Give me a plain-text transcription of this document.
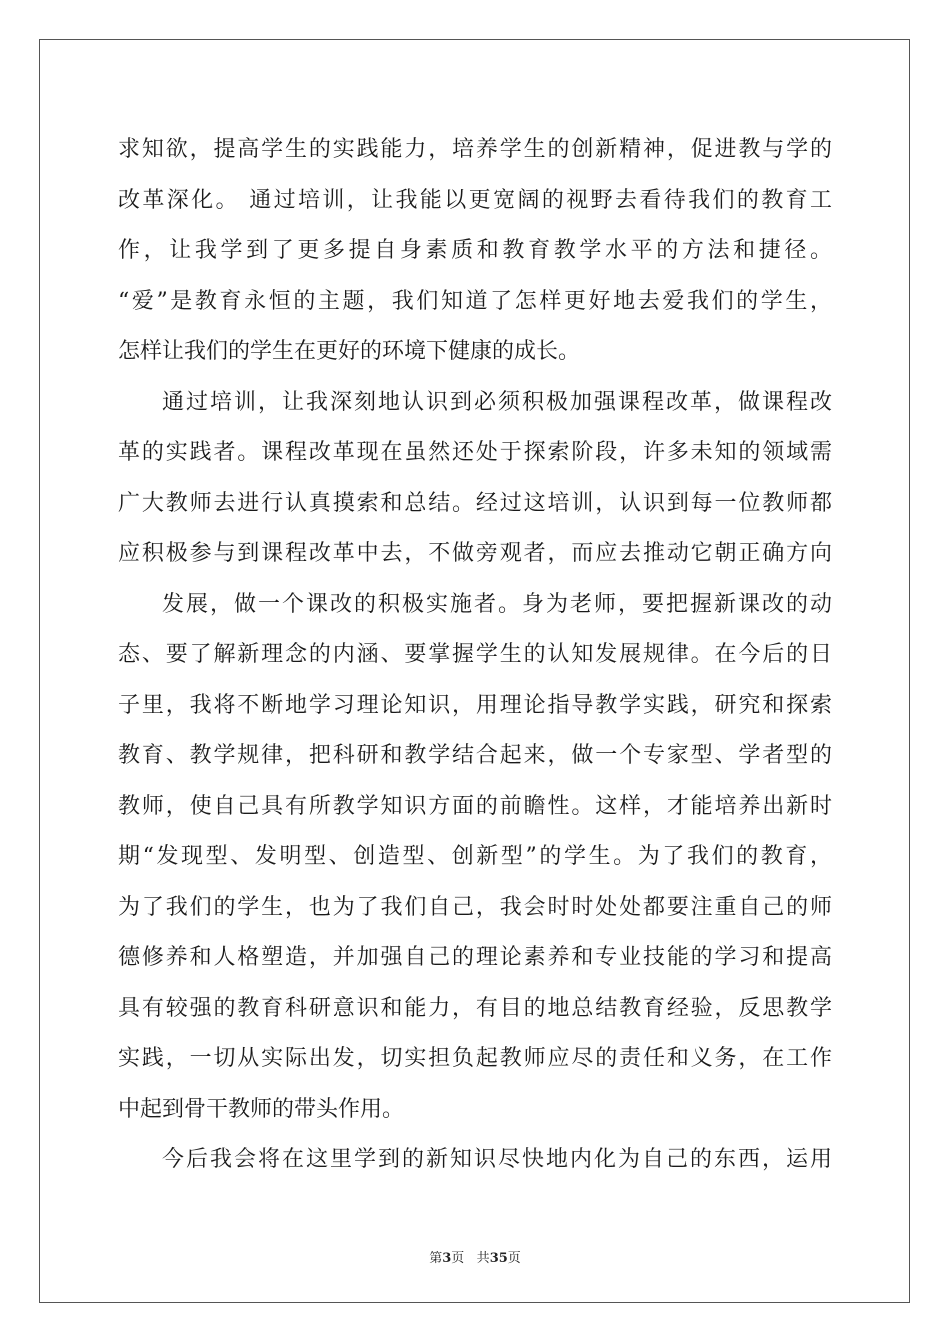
求知欲，提高学生的实践能力，培养学生的创新精神，促进教与学的
改革深化。 通过培训，让我能以更宽阔的视野去看待我们的教育工
作，让我学到了更多提自身素质和教育教学水平的方法和捷径。
“爱”是教育永恒的主题，我们知道了怎样更好地去爱我们的学生，
怎样让我们的学生在更好的环境下健康的成长。
通过培训，让我深刻地认识到必须积极加强课程改革，做课程改
革的实践者。课程改革现在虽然还处于探索阶段，许多未知的领域需
广大教师去进行认真摸索和总结。经过这培训，认识到每一位教师都
应积极参与到课程改革中去，不做旁观者，而应去推动它朝正确方向
发展，做一个课改的积极实施者。身为老师，要把握新课改的动
态、要了解新理念的内涵、要掌握学生的认知发展规律。在今后的日
子里，我将不断地学习理论知识，用理论指导教学实践，研究和探索
教育、教学规律，把科研和教学结合起来，做一个专家型、学者型的
教师，使自己具有所教学知识方面的前瞻性。这样，才能培养出新时
期“发现型、发明型、创造型、创新型”的学生。为了我们的教育，
为了我们的学生，也为了我们自己，我会时时处处都要注重自己的师
德修养和人格塑造，并加强自己的理论素养和专业技能的学习和提高
具有较强的教育科研意识和能力，有目的地总结教育经验，反思教学
实践，一切从实际出发，切实担负起教师应尽的责任和义务，在工作
中起到骨干教师的带头作用。
今后我会将在这里学到的新知识尽快地内化为自己的东西，运用
第3页 共35页
